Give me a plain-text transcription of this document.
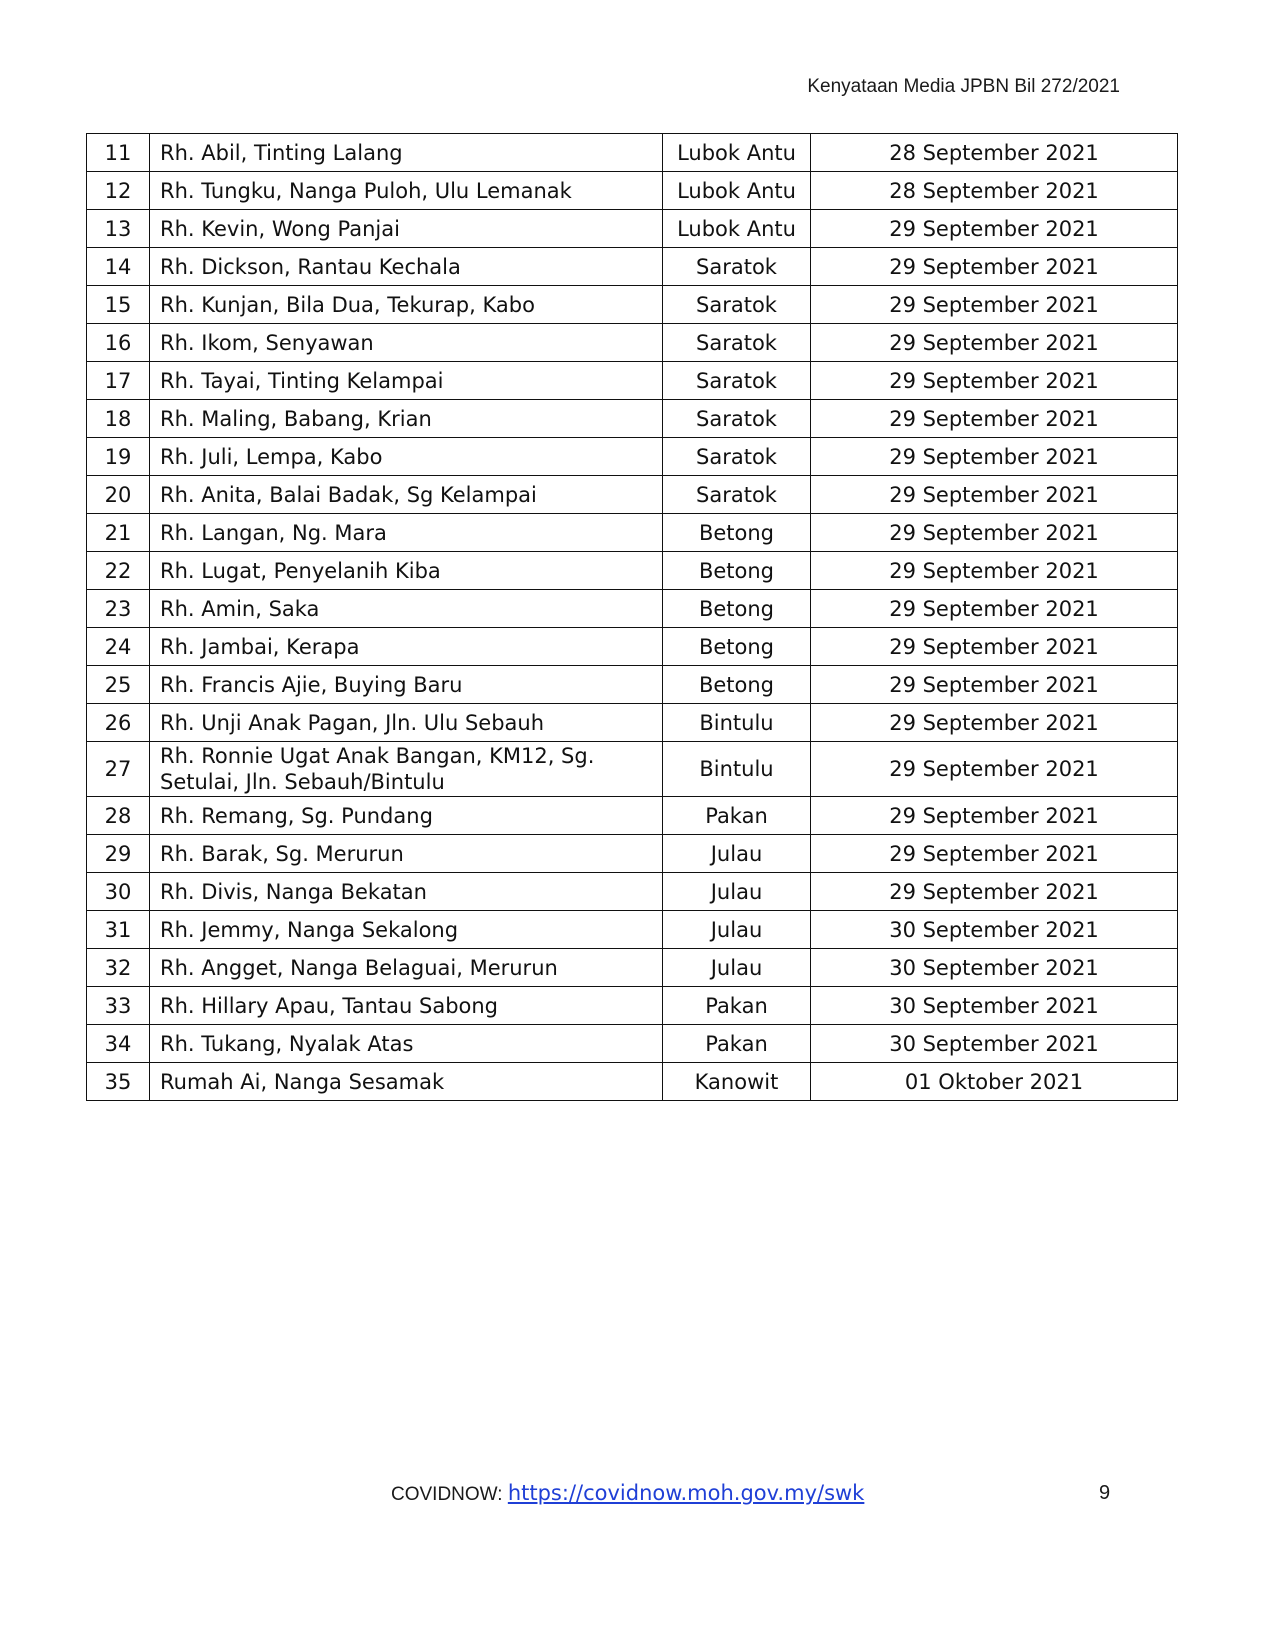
Kenyataan Media JPBN Bil 272/2021
11	Rh. Abil, Tinting Lalang	Lubok Antu	28 September 2021
12	Rh. Tungku, Nanga Puloh, Ulu Lemanak	Lubok Antu	28 September 2021
13	Rh. Kevin, Wong Panjai	Lubok Antu	29 September 2021
14	Rh. Dickson, Rantau Kechala	Saratok	29 September 2021
15	Rh. Kunjan, Bila Dua, Tekurap, Kabo	Saratok	29 September 2021
16	Rh. Ikom, Senyawan	Saratok	29 September 2021
17	Rh. Tayai, Tinting Kelampai	Saratok	29 September 2021
18	Rh. Maling, Babang, Krian	Saratok	29 September 2021
19	Rh. Juli, Lempa, Kabo	Saratok	29 September 2021
20	Rh. Anita, Balai Badak, Sg Kelampai	Saratok	29 September 2021
21	Rh. Langan, Ng. Mara	Betong	29 September 2021
22	Rh. Lugat, Penyelanih Kiba	Betong	29 September 2021
23	Rh. Amin, Saka	Betong	29 September 2021
24	Rh. Jambai, Kerapa	Betong	29 September 2021
25	Rh. Francis Ajie, Buying Baru	Betong	29 September 2021
26	Rh. Unji Anak Pagan, Jln. Ulu Sebauh	Bintulu	29 September 2021
27	Rh. Ronnie Ugat Anak Bangan, KM12, Sg. Setulai, Jln. Sebauh/Bintulu	Bintulu	29 September 2021
28	Rh. Remang, Sg. Pundang	Pakan	29 September 2021
29	Rh. Barak, Sg. Merurun	Julau	29 September 2021
30	Rh. Divis, Nanga Bekatan	Julau	29 September 2021
31	Rh. Jemmy, Nanga Sekalong	Julau	30 September 2021
32	Rh. Angget, Nanga Belaguai, Merurun	Julau	30 September 2021
33	Rh. Hillary Apau, Tantau Sabong	Pakan	30 September 2021
34	Rh. Tukang, Nyalak Atas	Pakan	30 September 2021
35	Rumah Ai, Nanga Sesamak	Kanowit	01 Oktober 2021
COVIDNOW: https://covidnow.moh.gov.my/swk	9
